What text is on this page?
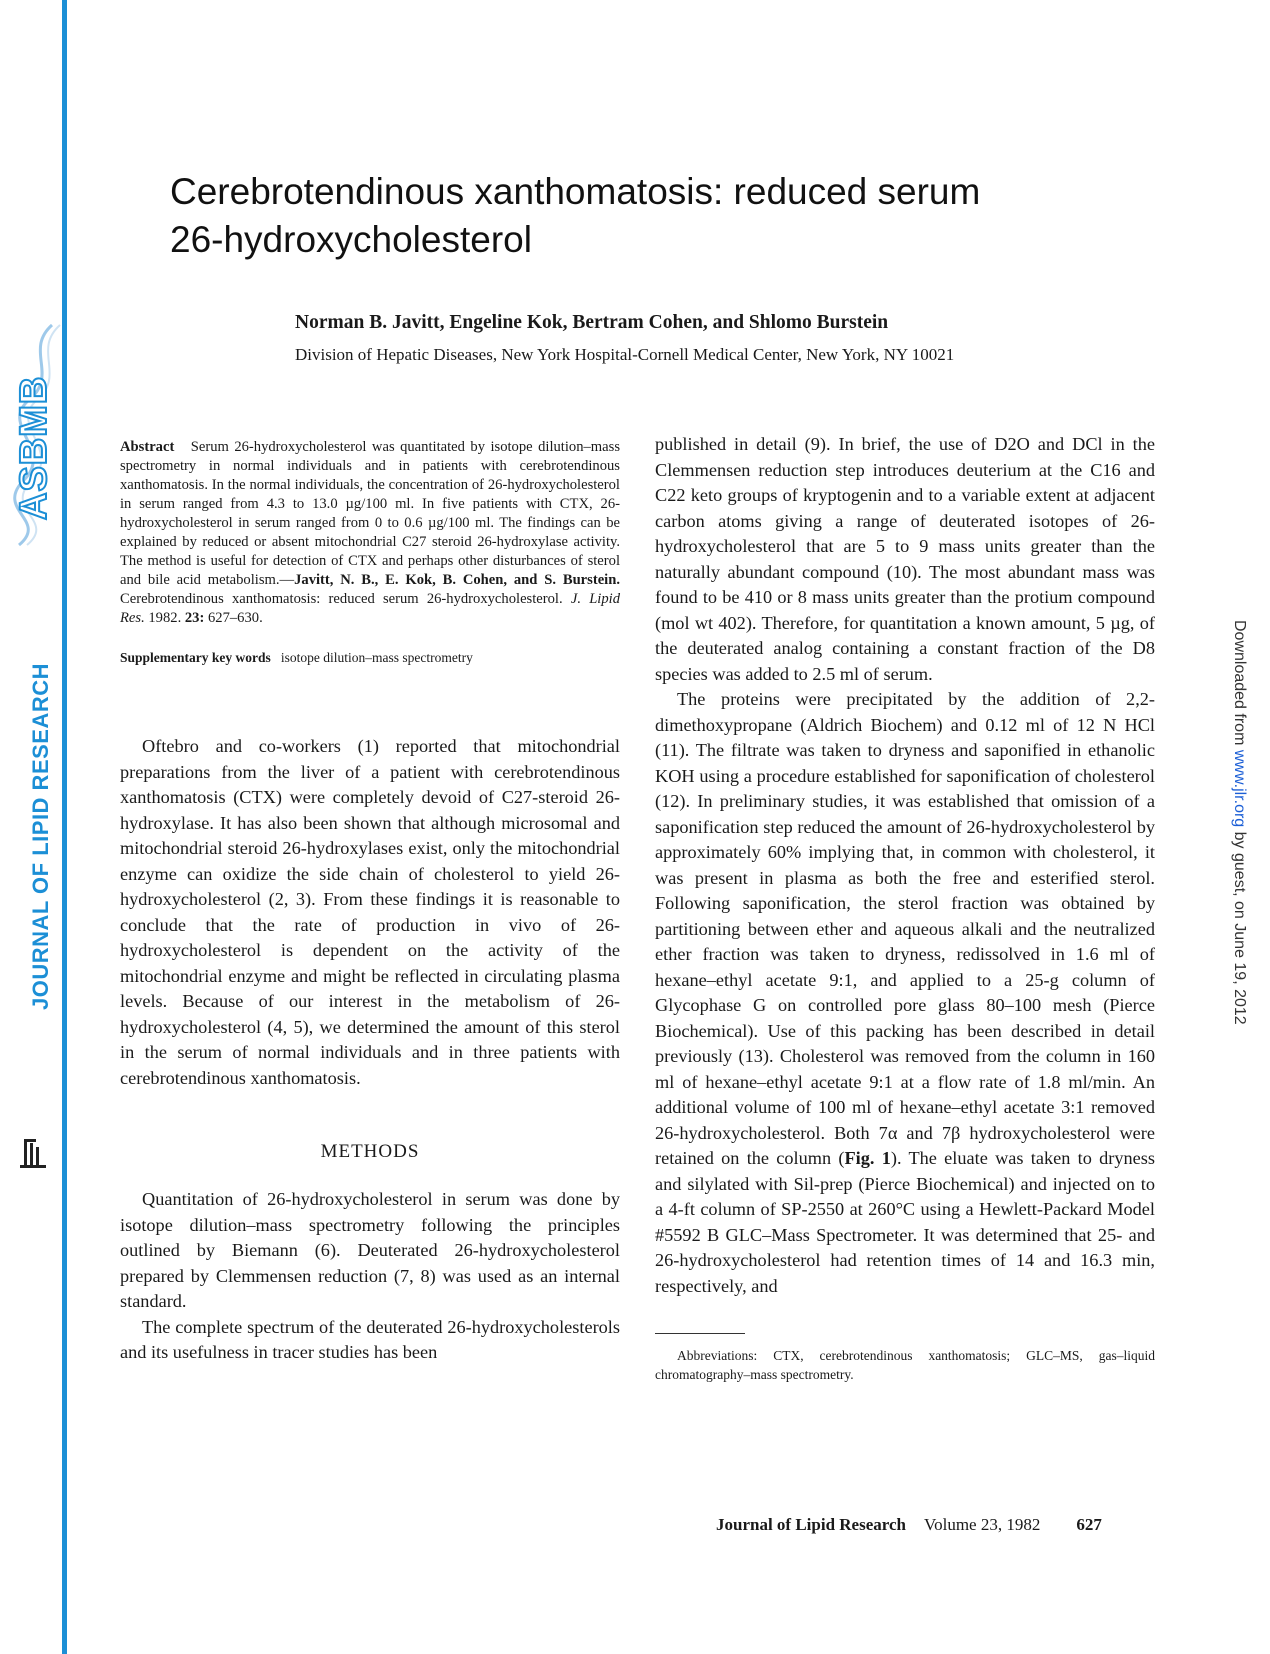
ASBMB
JOURNAL OF LIPID RESEARCH	Downloaded from www.jlr.org by guest, on June 19, 2012
Cerebrotendinous xanthomatosis: reduced serum
26-hydroxycholesterol
Norman B. Javitt, Engeline Kok, Bertram Cohen, and Shlomo Burstein
Division of Hepatic Diseases, New York Hospital-Cornell Medical Center, New York, NY 10021

Abstract Serum 26-hydroxycholesterol was quantitated by isotope dilution–mass spectrometry in normal individuals and in patients with cerebrotendinous xanthomatosis. In the normal individuals, the concentration of 26-hydroxycholesterol in serum ranged from 4.3 to 13.0 µg/100 ml. In five patients with CTX, 26-hydroxycholesterol in serum ranged from 0 to 0.6 µg/100 ml. The findings can be explained by reduced or absent mitochondrial C27 steroid 26-hydroxylase activity. The method is useful for detection of CTX and perhaps other disturbances of sterol and bile acid metabolism.—Javitt, N. B., E. Kok, B. Cohen, and S. Burstein. Cerebrotendinous xanthomatosis: reduced serum 26-hydroxycholesterol. J. Lipid Res. 1982. 23: 627–630.

Supplementary key words isotope dilution–mass spectrometry

Oftebro and co-workers (1) reported that mitochondrial preparations from the liver of a patient with cerebrotendinous xanthomatosis (CTX) were completely devoid of C27-steroid 26-hydroxylase. It has also been shown that although microsomal and mitochondrial steroid 26-hydroxylases exist, only the mitochondrial enzyme can oxidize the side chain of cholesterol to yield 26-hydroxycholesterol (2, 3). From these findings it is reasonable to conclude that the rate of production in vivo of 26-hydroxycholesterol is dependent on the activity of the mitochondrial enzyme and might be reflected in circulating plasma levels. Because of our interest in the metabolism of 26-hydroxycholesterol (4, 5), we determined the amount of this sterol in the serum of normal individuals and in three patients with cerebrotendinous xanthomatosis.

METHODS

Quantitation of 26-hydroxycholesterol in serum was done by isotope dilution–mass spectrometry following the principles outlined by Biemann (6). Deuterated 26-hydroxycholesterol prepared by Clemmensen reduction (7, 8) was used as an internal standard.

The complete spectrum of the deuterated 26-hydroxycholesterols and its usefulness in tracer studies has been

published in detail (9). In brief, the use of D2O and DCl in the Clemmensen reduction step introduces deuterium at the C16 and C22 keto groups of kryptogenin and to a variable extent at adjacent carbon atoms giving a range of deuterated isotopes of 26-hydroxycholesterol that are 5 to 9 mass units greater than the naturally abundant compound (10). The most abundant mass was found to be 410 or 8 mass units greater than the protium compound (mol wt 402). Therefore, for quantitation a known amount, 5 µg, of the deuterated analog containing a constant fraction of the D8 species was added to 2.5 ml of serum.

The proteins were precipitated by the addition of 2,2-dimethoxypropane (Aldrich Biochem) and 0.12 ml of 12 N HCl (11). The filtrate was taken to dryness and saponified in ethanolic KOH using a procedure established for saponification of cholesterol (12). In preliminary studies, it was established that omission of a saponification step reduced the amount of 26-hydroxycholesterol by approximately 60% implying that, in common with cholesterol, it was present in plasma as both the free and esterified sterol. Following saponification, the sterol fraction was obtained by partitioning between ether and aqueous alkali and the neutralized ether fraction was taken to dryness, redissolved in 1.6 ml of hexane–ethyl acetate 9:1, and applied to a 25-g column of Glycophase G on controlled pore glass 80–100 mesh (Pierce Biochemical). Use of this packing has been described in detail previously (13). Cholesterol was removed from the column in 160 ml of hexane–ethyl acetate 9:1 at a flow rate of 1.8 ml/min. An additional volume of 100 ml of hexane–ethyl acetate 3:1 removed 26-hydroxycholesterol. Both 7α and 7β hydroxycholesterol were retained on the column (Fig. 1). The eluate was taken to dryness and silylated with Sil-prep (Pierce Biochemical) and injected on to a 4-ft column of SP-2550 at 260°C using a Hewlett-Packard Model #5592 B GLC–Mass Spectrometer. It was determined that 25- and 26-hydroxycholesterol had retention times of 14 and 16.3 min, respectively, and

Abbreviations: CTX, cerebrotendinous xanthomatosis; GLC–MS, gas–liquid chromatography–mass spectrometry.

Journal of Lipid Research Volume 23, 1982 627
